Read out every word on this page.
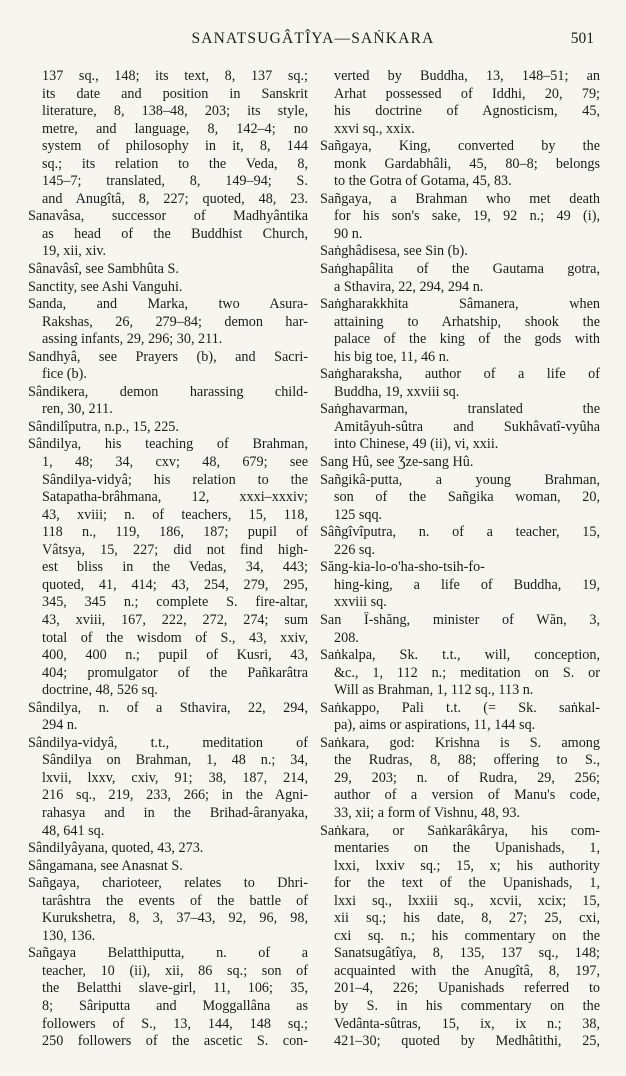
SANATSUGÂTÎYA—SAṄKARA	501
137 sq., 148; its text, 8, 137 sq.;
its date and position in Sanskrit
literature, 8, 138–48, 203; its style,
metre, and language, 8, 142–4; no
system of philosophy in it, 8, 144
sq.; its relation to the Veda, 8,
145–7; translated, 8, 149–94; S.
and Anugîtâ, 8, 227; quoted, 48, 23.
Sanavâsa, successor of Madhyântika
as head of the Buddhist Church,
19, xii, xiv.
Sânavâsî, see Sambhûta S.
Sanctity, see Ashi Vanguhi.
Sanda, and Marka, two Asura-
Rakshas, 26, 279–84; demon har-
assing infants, 29, 296; 30, 211.
Sandhyâ, see Prayers (b), and Sacri-
fice (b).
Sândikera, demon harassing child-
ren, 30, 211.
Sândilîputra, n.p., 15, 225.
Sândilya, his teaching of Brahman,
1, 48; 34, cxv; 48, 679; see
Sândilya-vidyâ; his relation to the
Satapatha-brâhmana, 12, xxxi–xxxiv;
43, xviii; n. of teachers, 15, 118,
118 n., 119, 186, 187; pupil of
Vâtsya, 15, 227; did not find high-
est bliss in the Vedas, 34, 443;
quoted, 41, 414; 43, 254, 279, 295,
345, 345 n.; complete S. fire-altar,
43, xviii, 167, 222, 272, 274; sum
total of the wisdom of S., 43, xxiv,
400, 400 n.; pupil of Kusri, 43,
404; promulgator of the Pañkarâtra
doctrine, 48, 526 sq.
Sândilya, n. of a Sthavira, 22, 294,
294 n.
Sândilya-vidyâ, t.t., meditation of
Sândilya on Brahman, 1, 48 n.; 34,
lxvii, lxxv, cxiv, 91; 38, 187, 214,
216 sq., 219, 233, 266; in the Agni-
rahasya and in the Brihad-âranyaka,
48, 641 sq.
Sândilyâyana, quoted, 43, 273.
Sângamana, see Anasnat S.
Sañgaya, charioteer, relates to Dhri-
tarâshtra the events of the battle of
Kurukshetra, 8, 3, 37–43, 92, 96, 98,
130, 136.
Sañgaya Belatthiputta, n. of a
teacher, 10 (ii), xii, 86 sq.; son of
the Belatthi slave-girl, 11, 106; 35,
8; Sâriputta and Moggallâna as
followers of S., 13, 144, 148 sq.;
250 followers of the ascetic S. con-
verted by Buddha, 13, 148–51; an
Arhat possessed of Iddhi, 20, 79;
his doctrine of Agnosticism, 45,
xxvi sq., xxix.
Sañgaya, King, converted by the
monk Gardabhâli, 45, 80–8; belongs
to the Gotra of Gotama, 45, 83.
Sañgaya, a Brahman who met death
for his son's sake, 19, 92 n.; 49 (i),
90 n.
Saṅghâdisesa, see Sin (b).
Saṅghapâlita of the Gautama gotra,
a Sthavira, 22, 294, 294 n.
Saṅgharakkhita Sâmanera, when
attaining to Arhatship, shook the
palace of the king of the gods with
his big toe, 11, 46 n.
Saṅgharaksha, author of a life of
Buddha, 19, xxviii sq.
Saṅghavarman, translated the
Amitâyuh-sûtra and Sukhâvatî-vyûha
into Chinese, 49 (ii), vi, xxii.
Sang Hû, see Ʒze-sang Hû.
Sañgikâ-putta, a young Brahman,
son of the Sañgika woman, 20,
125 sqq.
Sâñgîvîputra, n. of a teacher, 15,
226 sq.
Săng-kia-lo-o'ha-sho-tsih-fo-
hing-king, a life of Buddha, 19,
xxviii sq.
San Î-shăng, minister of Wăn, 3,
208.
Saṅkalpa, Sk. t.t., will, conception,
&c., 1, 112 n.; meditation on S. or
Will as Brahman, 1, 112 sq., 113 n.
Saṅkappo, Pali t.t. (= Sk. saṅkal-
pa), aims or aspirations, 11, 144 sq.
Saṅkara, god: Krishna is S. among
the Rudras, 8, 88; offering to S.,
29, 203; n. of Rudra, 29, 256;
author of a version of Manu's code,
33, xii; a form of Vishnu, 48, 93.
Saṅkara, or Saṅkarâkârya, his com-
mentaries on the Upanishads, 1,
lxxi, lxxiv sq.; 15, x; his authority
for the text of the Upanishads, 1,
lxxi sq., lxxiii sq., xcvii, xcix; 15,
xii sq.; his date, 8, 27; 25, cxi,
cxi sq. n.; his commentary on the
Sanatsugâtîya, 8, 135, 137 sq., 148;
acquainted with the Anugîtâ, 8, 197,
201–4, 226; Upanishads referred to
by S. in his commentary on the
Vedânta-sûtras, 15, ix, ix n.; 38,
421–30; quoted by Medhâtithi, 25,
